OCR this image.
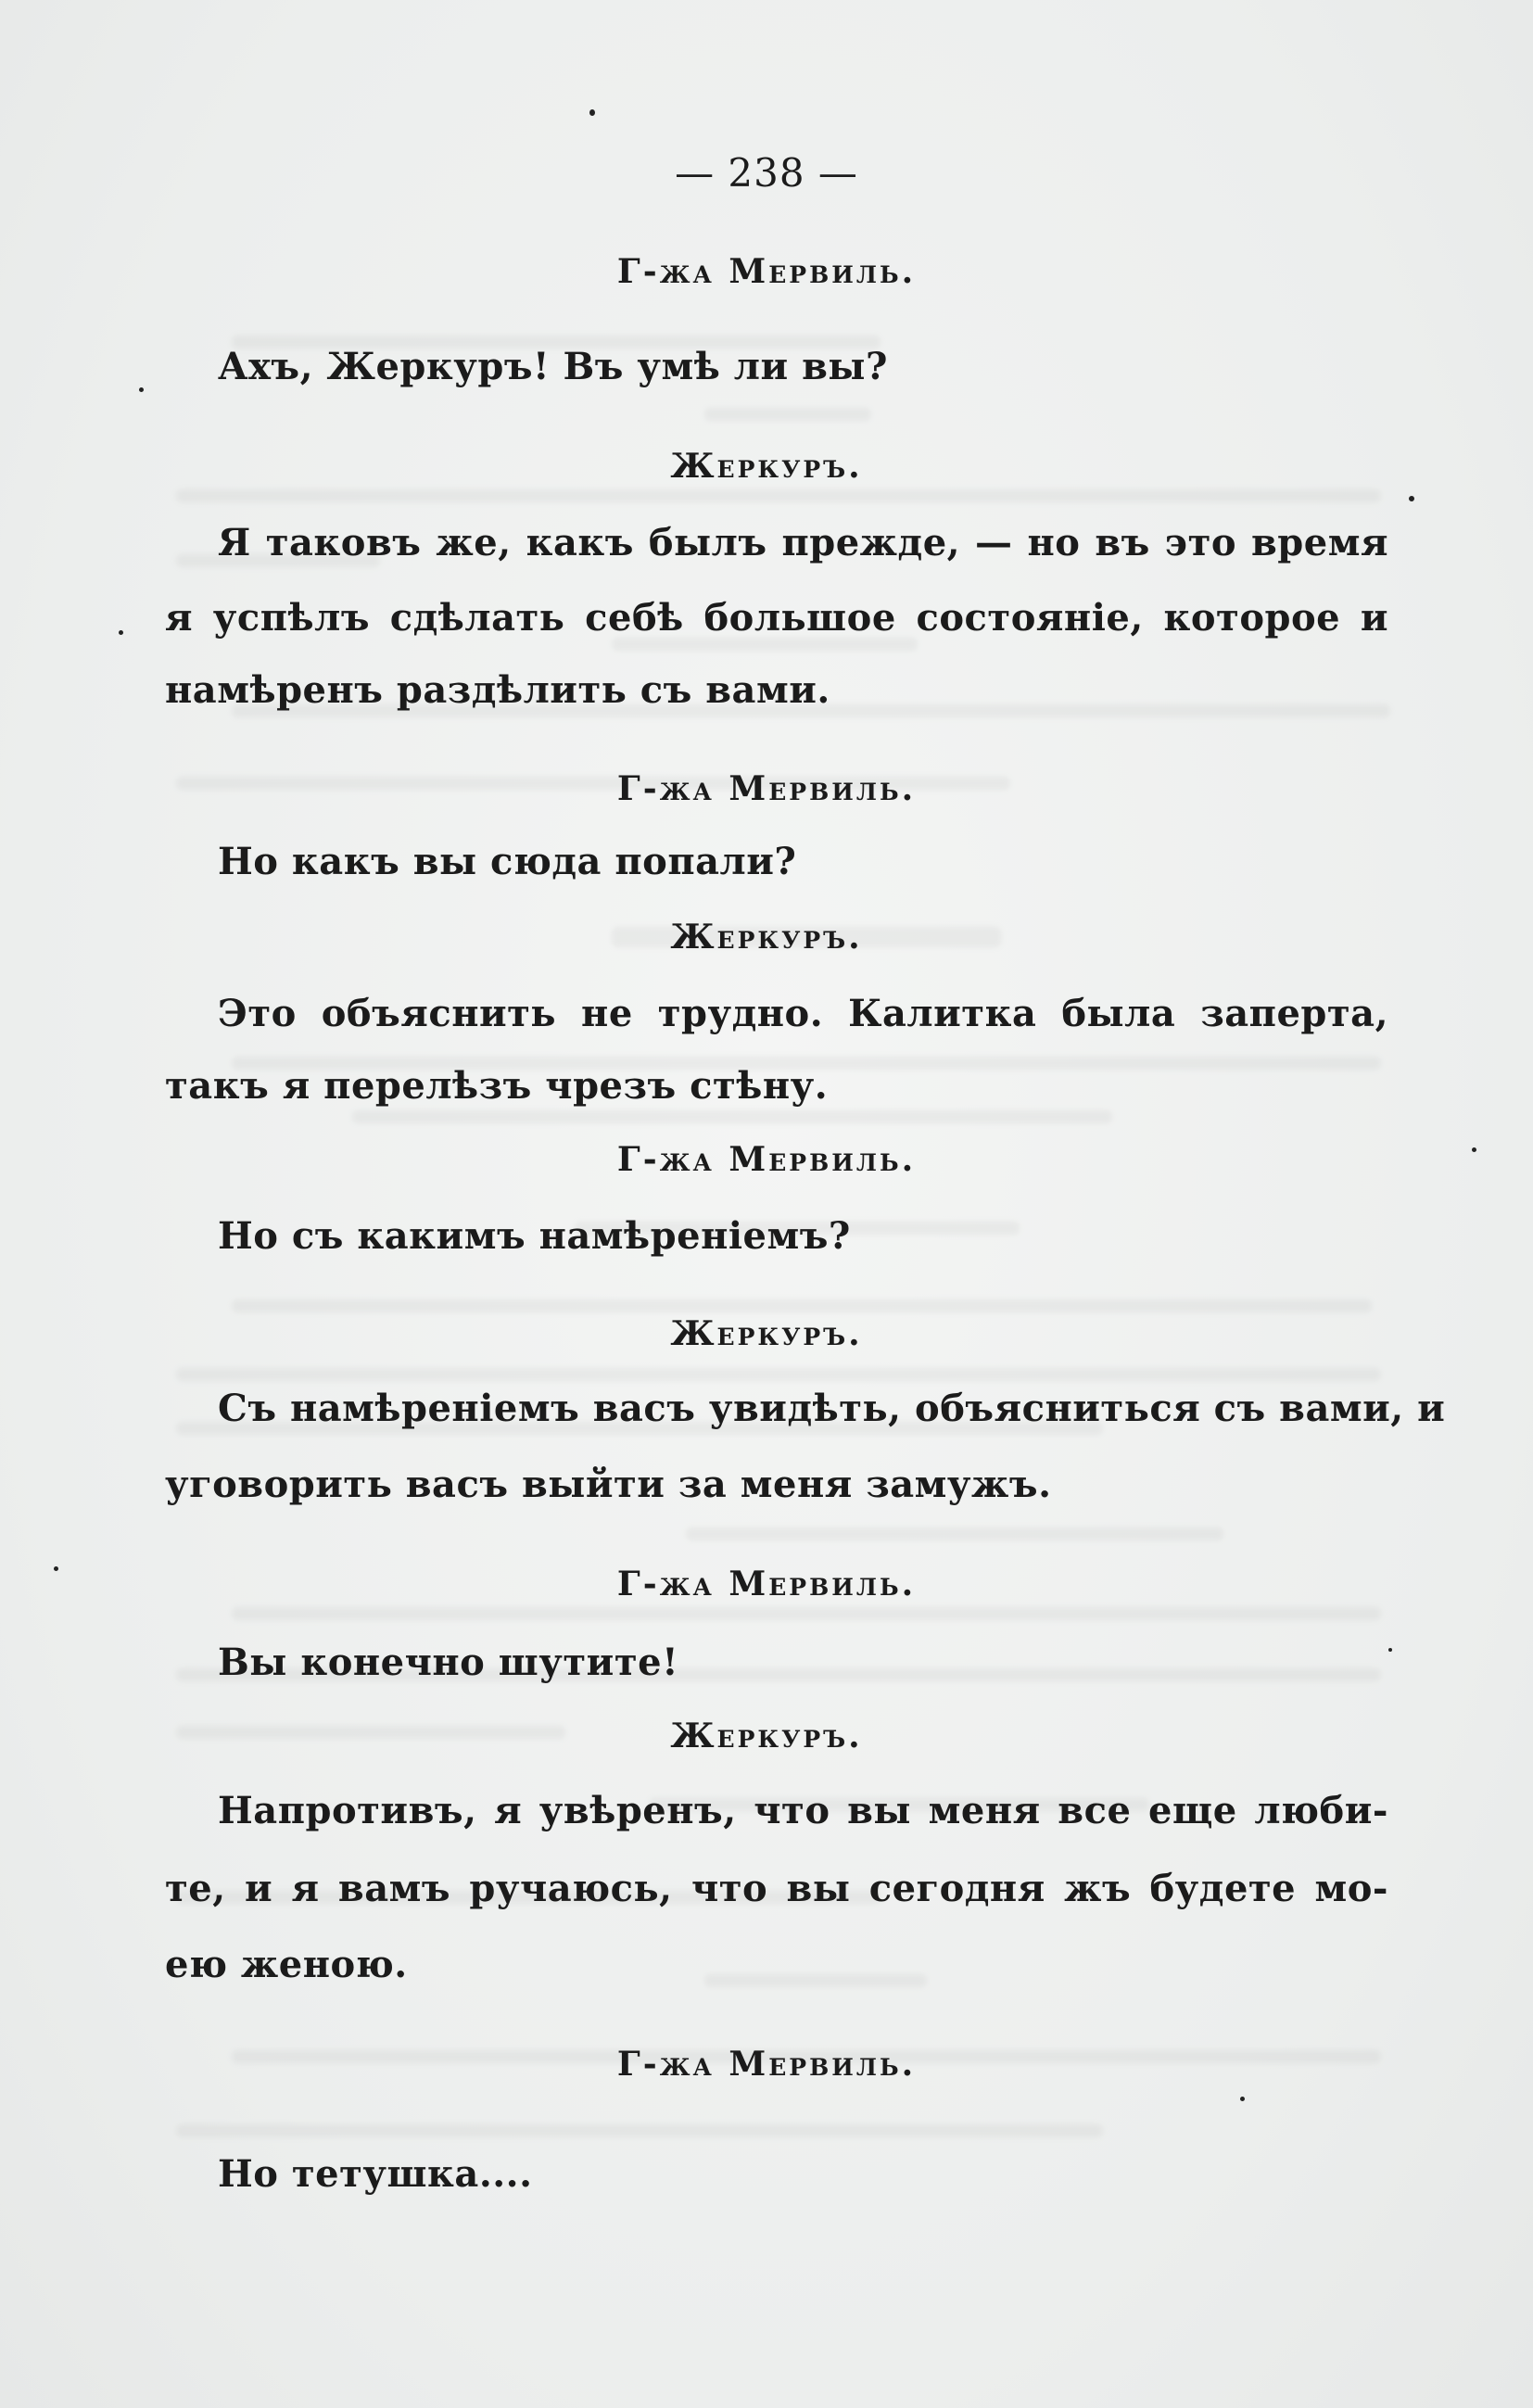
— 238 —
Г-жа Мервиль.
Ахъ, Жеркуръ! Въ умѣ ли вы?
Жеркуръ.
Я таковъ же, какъ былъ прежде, — но въ это время
я успѣлъ сдѣлать себѣ большое состояніе, которое и
намѣренъ раздѣлить съ вами.
Г-жа Мервиль.
Но какъ вы сюда попали?
Жеркуръ.
Это объяснить не трудно. Калитка была заперта,
такъ я перелѣзъ чрезъ стѣну.
Г-жа Мервиль.
Но съ какимъ намѣреніемъ?
Жеркуръ.
Съ намѣреніемъ васъ увидѣть, объясниться съ вами, и
уговорить васъ выйти за меня замужъ.
Г-жа Мервиль.
Вы конечно шутите!
Жеркуръ.
Напротивъ, я увѣренъ, что вы меня все еще люби-
те, и я вамъ ручаюсь, что вы сегодня жъ будете мо-
ею женою.
Г-жа Мервиль.
Но тетушка....
